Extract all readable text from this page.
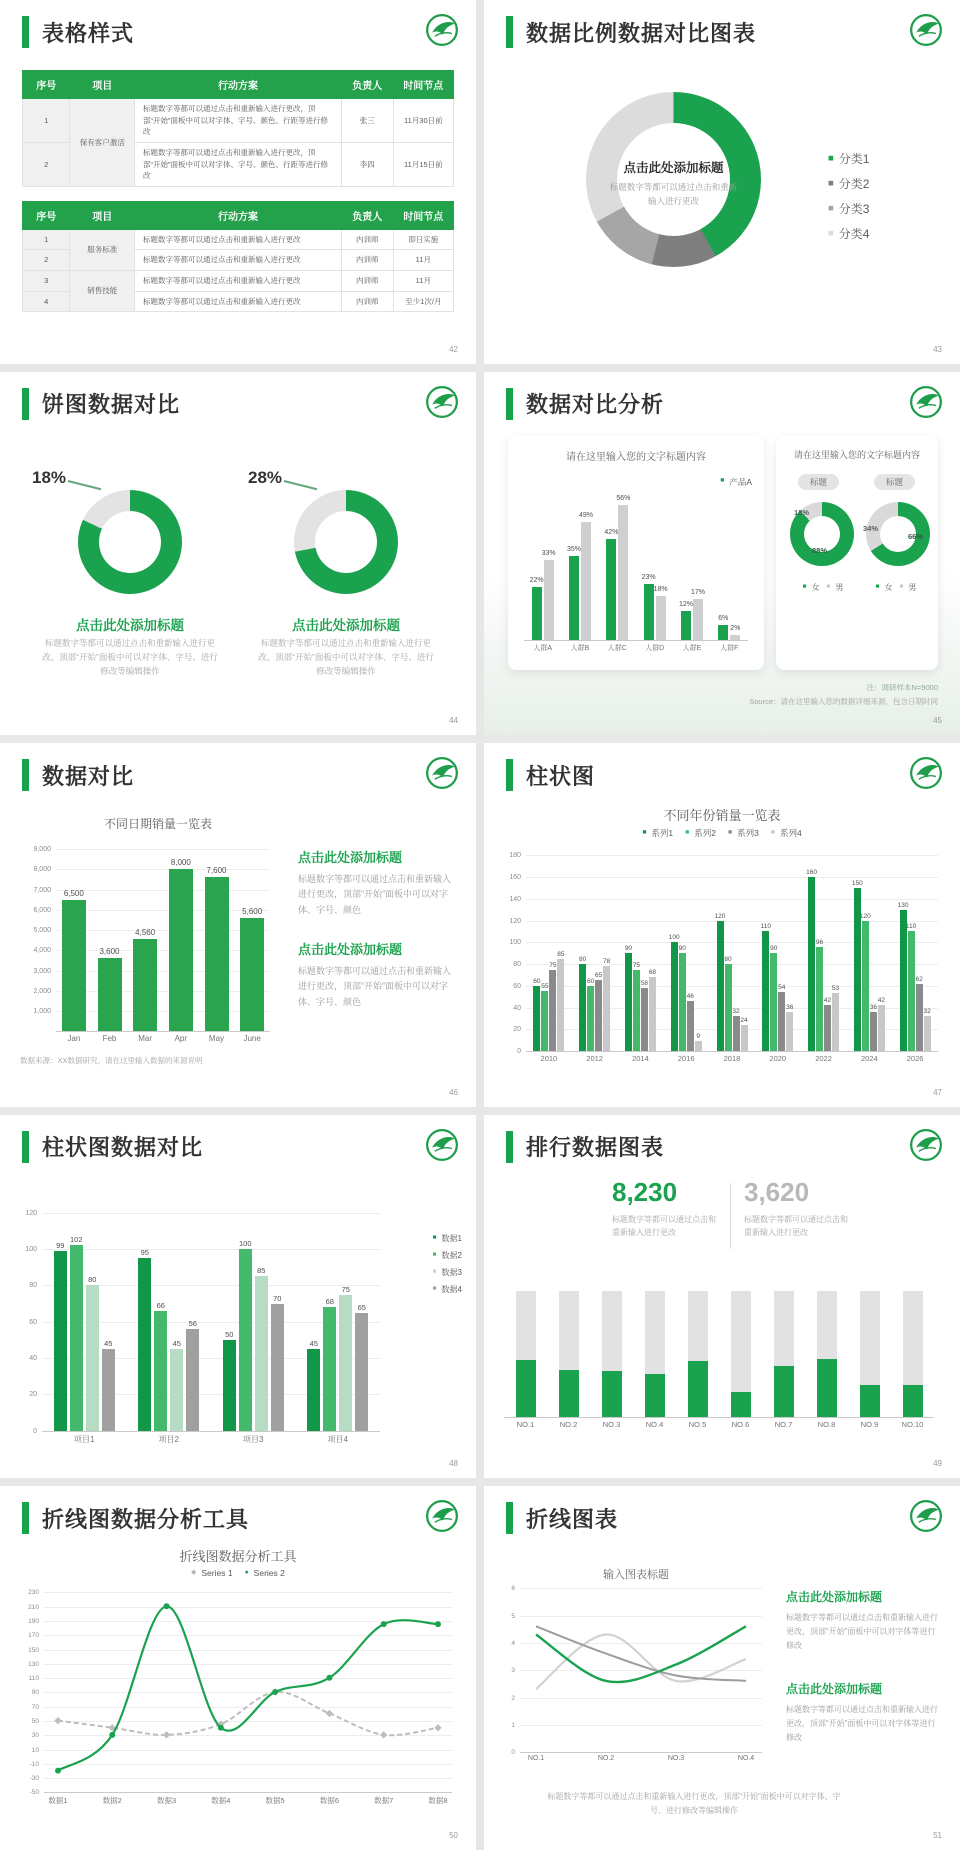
表格样式
序号	项目	行动方案	负责人	时间节点
1	保有客户激活	标题数字等都可以通过点击和重新输入进行更改，顶部“开始”面板中可以对字体、字号、颜色、行距等进行修改	张三	11月30日前
2		标题数字等都可以通过点击和重新输入进行更改，顶部“开始”面板中可以对字体、字号、颜色、行距等进行修改	李四	11月15日前
序号	项目	行动方案	负责人	时间节点
1	服务标准	标题数字等都可以通过点击和重新输入进行更改	内训师	即日实施
2		标题数字等都可以通过点击和重新输入进行更改	内训师	11月
3	销售技能	标题数字等都可以通过点击和重新输入进行更改	内训师	11月
4		标题数字等都可以通过点击和重新输入进行更改	内训师	至少1次/月
42
数据比例数据对比图表
点击此处添加标题
标题数字等都可以通过点击和重新输入进行更改
■ 分类1
■ 分类2
■ 分类3
■ 分类4
43
饼图数据对比
18%	28%
点击此处添加标题
标题数字等都可以通过点击和重新输入进行更改，顶部“开始”面板中可以对字体、字号、进行修改等编辑操作
点击此处添加标题
标题数字等都可以通过点击和重新输入进行更改，顶部“开始”面板中可以对字体、字号、进行修改等编辑操作
44
数据对比分析
请在这里输入您的文字标题内容
■ 产品A
22%
33%
人群A
35%
49%
人群B
42%
56%
人群C
23%
18%
人群D
12%
17%
人群E
6%
2%
人群F
请在这里输入您的文字标题内容
标题	标题
12%
88%
34%
66%
■ 女 ■ 男	■ 女 ■ 男
注：调研样本N=9000
Source：请在这里输入您的数据详细来源，包含日期时间
45
数据对比
不同日期销量一览表
9,000
8,000
7,000
6,000
5,000
4,000
3,000
2,000
1,000
6,500
Jan
3,600
Feb
4,560
Mar
8,000
Apr
7,600
May
5,600
June
点击此处添加标题
标题数字等都可以通过点击和重新输入进行更改，顶部“开始”面板中可以对字体、字号、颜色
点击此处添加标题
标题数字等都可以通过点击和重新输入进行更改，顶部“开始”面板中可以对字体、字号、颜色
数据来源：XX数据研究，请在这里输入数据的来源说明
46
柱状图
不同年份销量一览表
■ 系列1 ■ 系列2 ■ 系列3 ■ 系列4
180
160
140
120
100
80
60
40
20
0
60
55
75
85
2010
80
60
65
78
2012
90
75
58
68
2014
100
90
46
9
2016
120
80
32
24
2018
110
90
54
36
2020
160
96
42
53
2022
150
120
36
42
2024
130
110
62
32
2026
47
柱状图数据对比
120
100
80
60
40
20
0
99
102
80
45
项目1
95
66
45
56
项目2
50
100
85
70
项目3
45
68
75
65
项目4
■ 数据1
■ 数据2
■ 数据3
■ 数据4
48
排行数据图表
8,230
标题数字等都可以通过点击和重新输入进行更改
3,620
标题数字等都可以通过点击和重新输入进行更改
NO.1	NO.2	NO.3	NO.4	NO.5	NO.6	NO.7	NO.8	NO.9	NO.10
49
折线图数据分析工具
折线图数据分析工具
◆ Series 1 ● Series 2
230
210
190
170
150
130
110
90
70
50
30
10
-10
-30
-50
数据1	数据2	数据3	数据4	数据5	数据6	数据7	数据8
50
折线图表
输入图表标题
6
5
4
3
2
1
0
NO.1	NO.2	NO.3	NO.4
点击此处添加标题
标题数字等都可以通过点击和重新输入进行更改，顶部“开始”面板中可以对字体等进行修改
点击此处添加标题
标题数字等都可以通过点击和重新输入进行更改，顶部“开始”面板中可以对字体等进行修改
标题数字等都可以通过点击和重新输入进行更改，顶部“开始”面板中可以对字体、字号、进行修改等编辑操作
51
